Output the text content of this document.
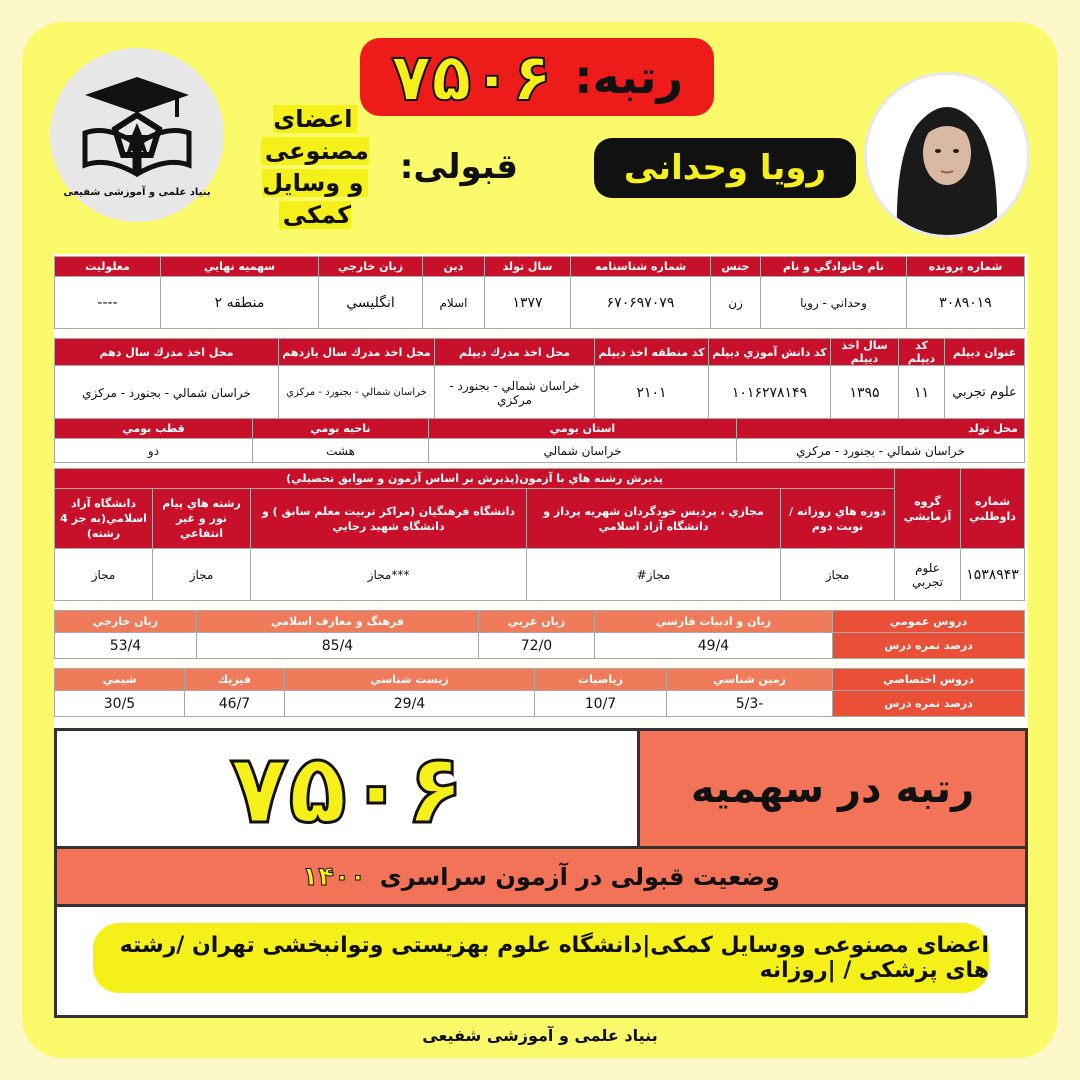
بنیاد علمی و آموزشی شفیعی
رتبه:
۷۵۰۶
رویا وحدانی
قبولی:
اعضای مصنوعی
و وسایل کمکی
شماره پرونده	نام خانوادگي و نام	جنس	شماره شناسنامه	سال تولد	دين	زبان خارجي	سهميه نهايي	معلوليت
۳۰۸۹۰۱۹	وحداني - رويا	زن	۶۷۰۶۹۷۰۷۹	۱۳۷۷	اسلام	انگليسي	منطقه ۲	----
عنوان ديپلم	كد ديپلم	سال اخذ ديپلم	كد دانش آموزي ديپلم	كد منطقه اخذ ديپلم	محل اخذ مدرك ديپلم	محل اخذ مدرك سال يازدهم	محل اخذ مدرك سال دهم
علوم تجربي	۱۱	۱۳۹۵	۱۰۱۶۲۷۸۱۴۹	۲۱۰۱	خراسان شمالي - بجنورد - مركزي	خراسان شمالي - بجنورد - مركزي	خراسان شمالي - بجنورد - مركزي
محل تولد	استان بومي	ناحيه بومي	قطب بومي
خراسان شمالي - بجنورد - مركزي	خراسان شمالي	هشت	دو
شماره داوطلبي	گروه آزمايشي	پذيرش رشته هاي با آزمون(پذيرش بر اساس آزمون و سوابق تحصيلي)				
		دوره هاي روزانه / نوبت دوم	مجازي ، پرديس خودگردان شهريه پرداز و دانشگاه آزاد اسلامي	دانشگاه فرهنگيان (مراكز تربيت معلم سابق ) و دانشگاه شهيد رجايي	رشته هاي پيام نور و غير انتفاعي	دانشگاه آزاد اسلامي(به جز 4 رشته)
۱۵۳۸۹۴۳	علوم تجربي	مجاز	مجاز#	***مجاز	مجاز	مجاز
دروس عمومي	زبان و ادبيات فارسي	زبان عربي	فرهنگ و معارف اسلامي	زبان خارجي
درصد نمره درس	49/4	72/0	85/4	53/4
دروس اختصاصي	زمين شناسي	رياضيات	زيست شناسي	فيزيك	شيمي
درصد نمره درس	-5/3	10/7	29/4	46/7	30/5
رتبه در سهمیه
۷۵۰۶
وضعیت قبولی در آزمون سراسری
۱۴۰۰
اعضای مصنوعی ووسایل کمکی|دانشگاه علوم بهزیستی وتوانبخشی تهران /رشته های پزشکی / |روزانه
بنیاد علمی و آموزشی شفیعی
